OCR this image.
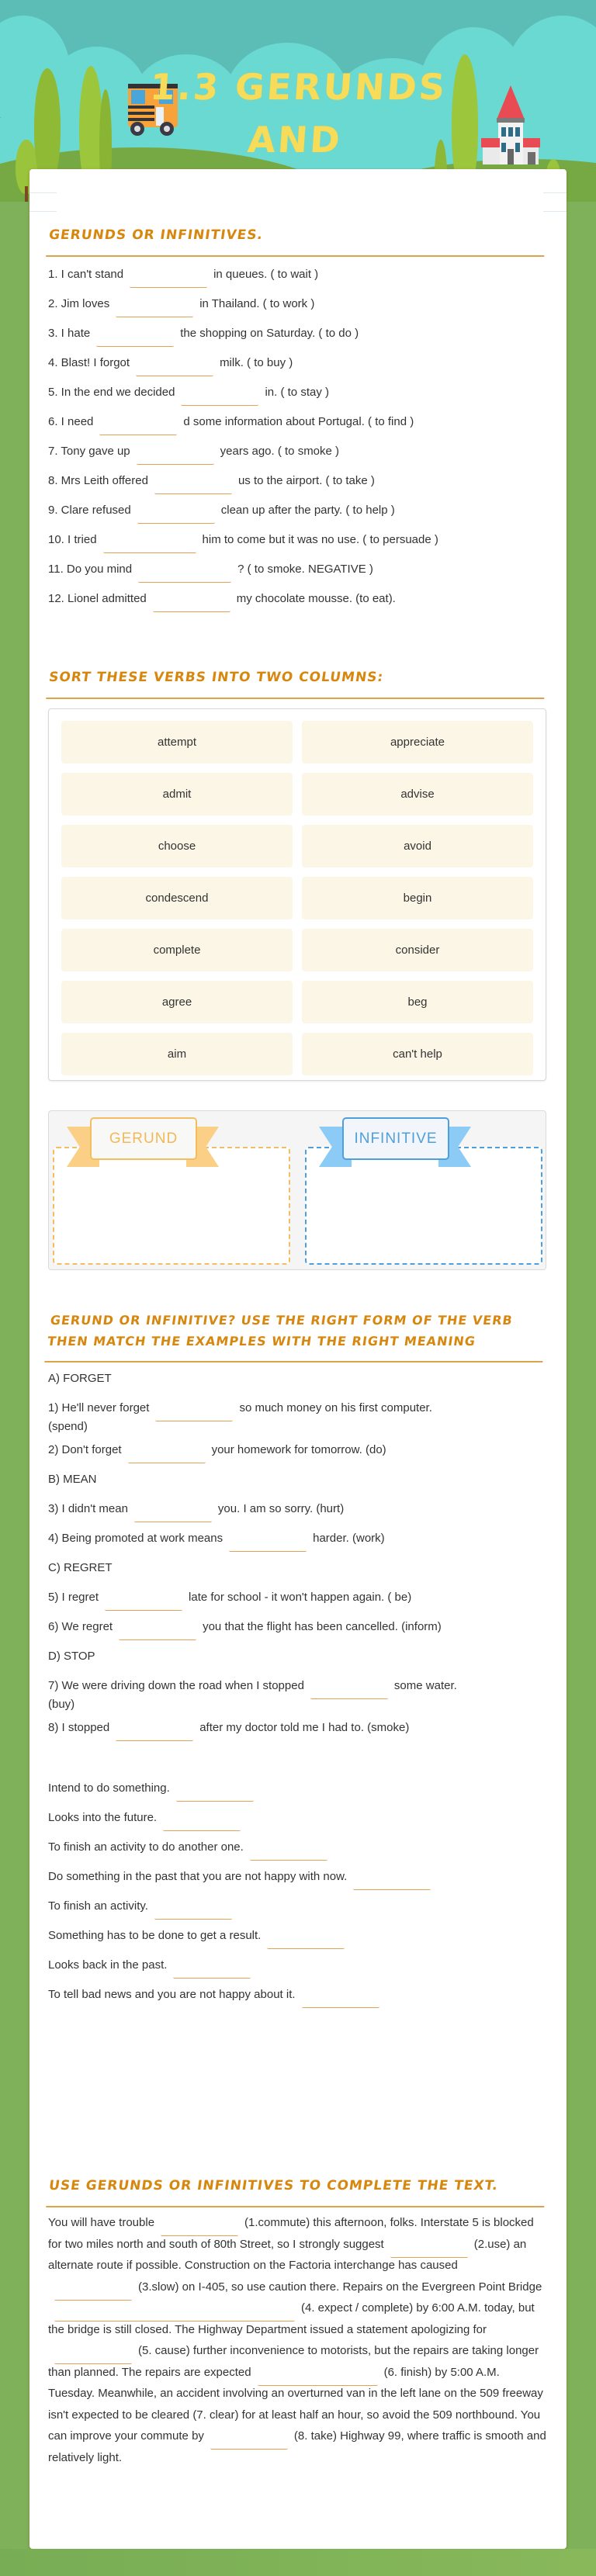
1.3 GERUNDS AND
GERUNDS OR INFINITIVES.
1. I can't stand	in queues. ( to wait )
2. Jim loves	in Thailand. ( to work )
3. I hate	the shopping on Saturday. ( to do )
4. Blast! I forgot	milk. ( to buy )
5. In the end we decided	in. ( to stay )
6. I need	d some information about Portugal. ( to find )
7. Tony gave up	years ago. ( to smoke )
8. Mrs Leith offered	us to the airport. ( to take )
9. Clare refused	clean up after the party. ( to help )
10. I tried	him to come but it was no use. ( to persuade )
11. Do you mind	? ( to smoke. NEGATIVE )
12. Lionel admitted	my chocolate mousse. (to eat).
SORT THESE VERBS INTO TWO COLUMNS:
attempt	appreciate
admit	advise
choose	avoid
condescend	begin
complete	consider
agree	beg
aim	can't help
GERUND	INFINITIVE
GERUND OR INFINITIVE? USE THE RIGHT FORM OF THE VERB THEN MATCH THE EXAMPLES WITH THE RIGHT MEANING
A) FORGET
1) He'll never forget	so much money on his first computer.
(spend)
2) Don't forget	your homework for tomorrow. (do)
B) MEAN
3) I didn't mean	you. I am so sorry. (hurt)
4) Being promoted at work means	harder. (work)
C) REGRET
5) I regret	late for school - it won't happen again. ( be)
6) We regret	you that the flight has been cancelled. (inform)
D) STOP
7) We were driving down the road when I stopped	some water.
(buy)
8) I stopped	after my doctor told me I had to. (smoke)
Intend to do something.
Looks into the future.
To finish an activity to do another one.
Do something in the past that you are not happy with now.
To finish an activity.
Something has to be done to get a result.
Looks back in the past.
To tell bad news and you are not happy about it.
USE GERUNDS OR INFINITIVES TO COMPLETE THE TEXT.

You will have trouble	(1.commute) this afternoon, folks. Interstate 5 is blocked for two miles north and south of 80th Street, so I strongly suggest	(2.use) an alternate route if possible. Construction on the Factoria interchange has caused(3.slow) on I-405, so use caution there. Repairs on the Evergreen Point Bridge(4. expect / complete) by 6:00 A.M. today, but the bridge is still closed. The Highway Department issued a statement apologizing for(5. cause) further inconvenience to motorists, but the repairs are taking longer than planned. The repairs are expected	(6. finish) by 5:00 A.M. Tuesday. Meanwhile, an accident involving an overturned van in the left lane on the 509 freeway isn't expected to be cleared (7. clear) for at least half an hour, so avoid the 509 northbound. You can improve your commute by	(8. take) Highway 99, where traffic is smooth and relatively light.
